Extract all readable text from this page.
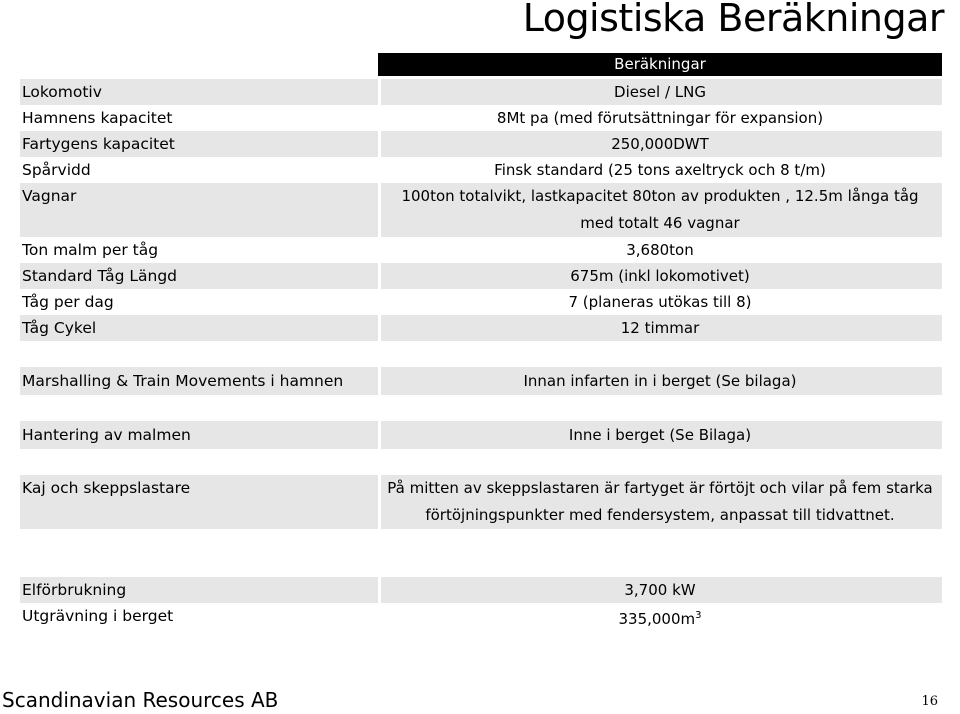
Logistiska Beräkningar
Beräkningar
Lokomotiv	Diesel / LNG
Hamnens kapacitet	8Mt pa (med förutsättningar för expansion)
Fartygens kapacitet	250,000DWT
Spårvidd	Finsk standard (25 tons axeltryck och 8 t/m)
Vagnar	100ton totalvikt, lastkapacitet 80ton av produkten , 12.5m långa tåg
med totalt 46 vagnar
Ton malm per tåg	3,680ton
Standard Tåg Längd	675m (inkl lokomotivet)
Tåg per dag	7 (planeras utökas till 8)
Tåg Cykel	12 timmar
Marshalling & Train Movements i hamnen	Innan infarten in i berget (Se bilaga)
Hantering av malmen	Inne i berget (Se Bilaga)
Kaj och skeppslastare	På mitten av skeppslastaren är fartyget är förtöjt och vilar på fem starka
förtöjningspunkter med fendersystem, anpassat till tidvattnet.
Elförbrukning	3,700 kW
Utgrävning i berget	$335,000m^3$
Scandinavian Resources AB	16
